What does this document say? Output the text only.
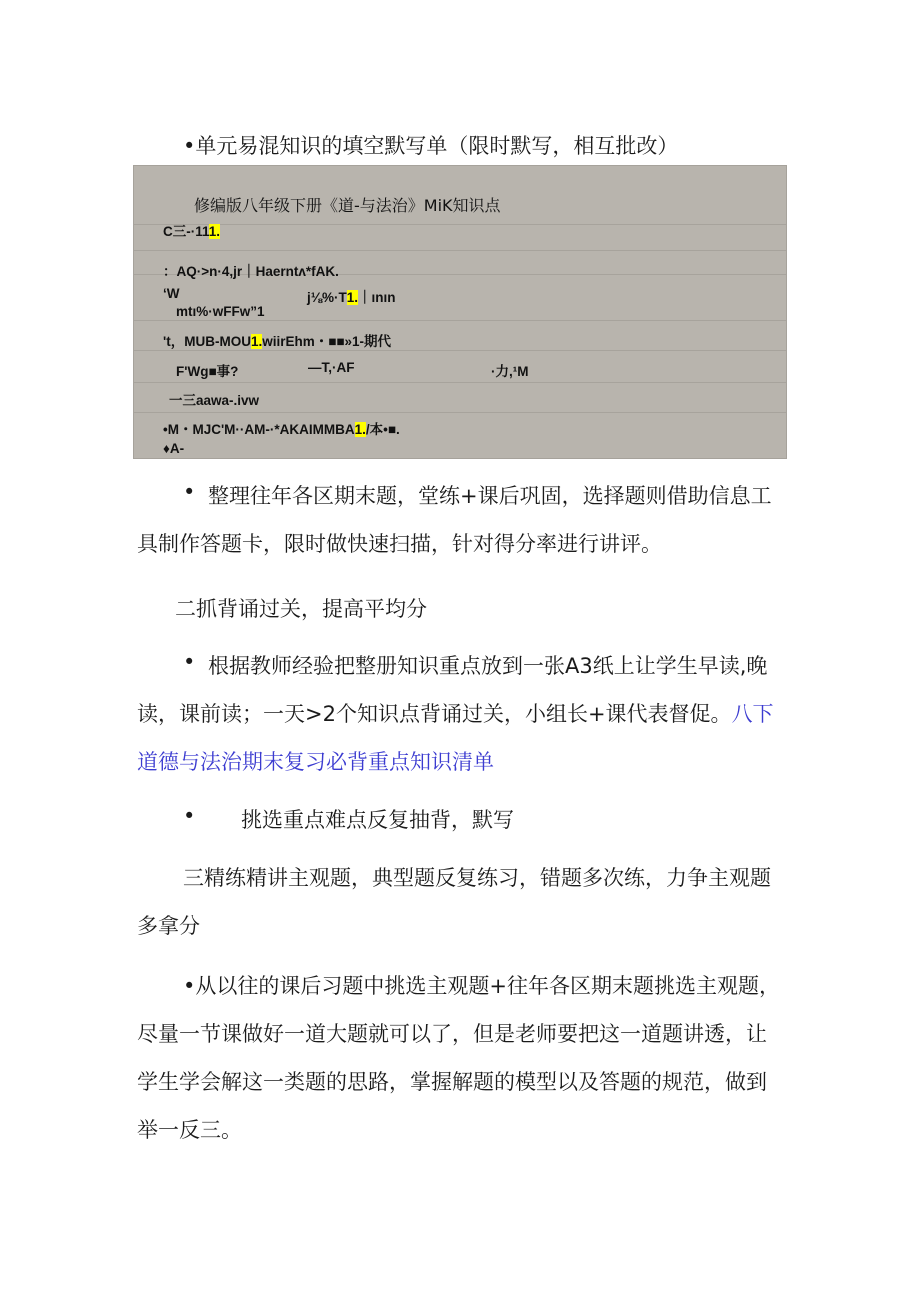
•单元易混知识的填空默写单（限时默写，相互批改）
修编版八年级下册《道-与法治》MiK知识点
C三-·111.
：AQ·>n·4,jr｜Haerntʌ*fAK.
ʻW	j⅛%·T1.｜ının
mtı%·wFFw”1
't，MUB-MOU1.wiirEhm・■■»1-期代
F'Wg■事?	—T,·AF	·力,¹M
一三aawa-.ivw
•M・MJC'M··AM-·*AKAIMMBA1./本•■.
♦A-
• 整理往年各区期末题，堂练+课后巩固，选择题则借助信息工
具制作答题卡，限时做快速扫描，针对得分率进行讲评。
二抓背诵过关，提高平均分
• 根据教师经验把整册知识重点放到一张A3纸上让学生早读,晚
读，课前读；一天>2个知识点背诵过关，小组长+课代表督促。八下
道德与法治期末复习必背重点知识清单
• 挑选重点难点反复抽背，默写
三精练精讲主观题，典型题反复练习，错题多次练，力争主观题
多拿分
•从以往的课后习题中挑选主观题+往年各区期末题挑选主观题，
尽量一节课做好一道大题就可以了，但是老师要把这一道题讲透，让
学生学会解这一类题的思路，掌握解题的模型以及答题的规范，做到
举一反三。
